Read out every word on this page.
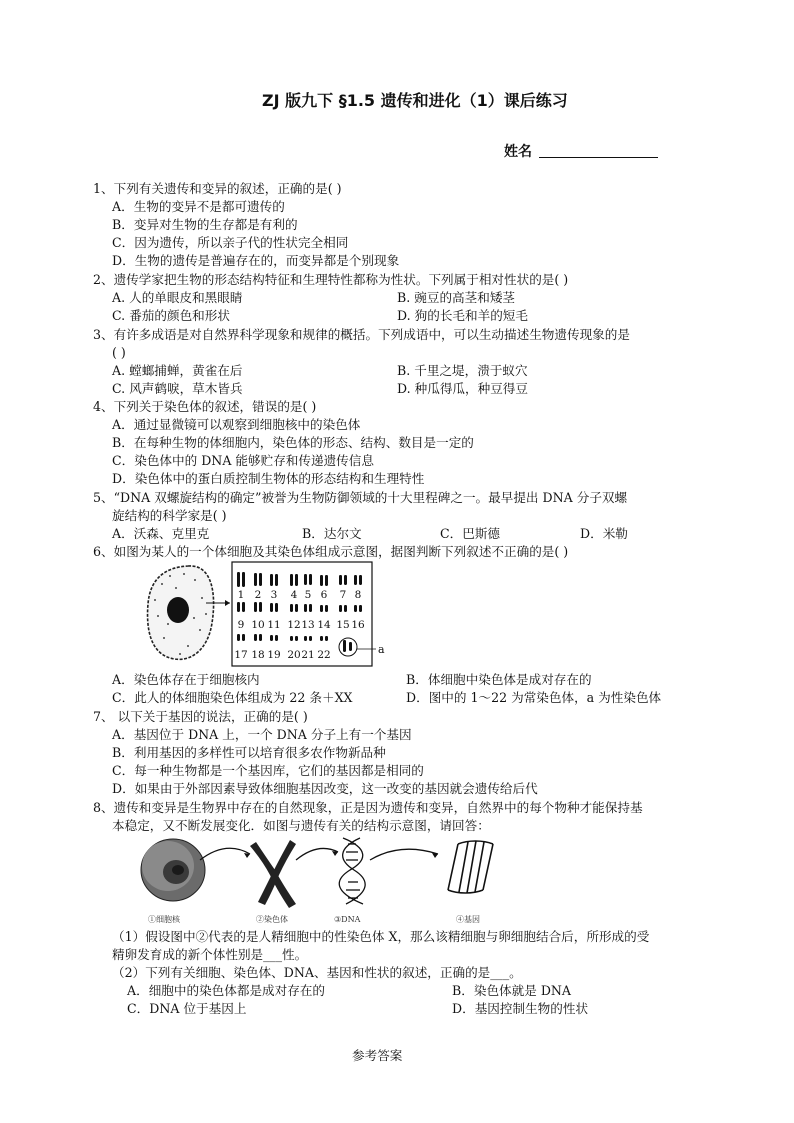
ZJ 版九下 §1.5 遗传和进化（1）课后练习
姓名
1、下列有关遗传和变异的叙述，正确的是( )
A．生物的变异不是都可遗传的
B．变异对生物的生存都是有利的
C．因为遗传，所以亲子代的性状完全相同
D．生物的遗传是普遍存在的，而变异都是个别现象
2、遗传学家把生物的形态结构特征和生理特性都称为性状。下列属于相对性状的是( )
A. 人的单眼皮和黑眼睛	B. 豌豆的高茎和矮茎
C. 番茄的颜色和形状	D. 狗的长毛和羊的短毛
3、有许多成语是对自然界科学现象和规律的概括。下列成语中，可以生动描述生物遗传现象的是
( )
A. 螳螂捕蝉，黄雀在后	B. 千里之堤，溃于蚁穴
C. 风声鹤唳，草木皆兵	D. 种瓜得瓜，种豆得豆
4、下列关于染色体的叙述，错误的是( )
A．通过显微镜可以观察到细胞核中的染色体
B．在每种生物的体细胞内，染色体的形态、结构、数目是一定的
C．染色体中的 DNA 能够贮存和传递遗传信息
D．染色体中的蛋白质控制生物体的形态结构和生理特性
5、“DNA 双螺旋结构的确定”被誉为生物防御领域的十大里程碑之一。最早提出 DNA 分子双螺
旋结构的科学家是( )
A．沃森、克里克	B．达尔文	C．巴斯德	D．米勒
6、如图为某人的一个体细胞及其染色体组成示意图，据图判断下列叙述不正确的是( )
1 2 3 4 5 6 7 8
9 10 11 12 13 14 15 16
17 18 19 20 21 22	a
A．染色体存在于细胞核内	B．体细胞中染色体是成对存在的
C．此人的体细胞染色体组成为 22 条＋XX	D．图中的 1～22 为常染色体，a 为性染色体
7、 以下关于基因的说法，正确的是( )
A．基因位于 DNA 上，一个 DNA 分子上有一个基因
B．利用基因的多样性可以培育很多农作物新品种
C．每一种生物都是一个基因库，它们的基因都是相同的
D．如果由于外部因素导致体细胞基因改变，这一改变的基因就会遗传给后代
8、遗传和变异是生物界中存在的自然现象，正是因为遗传和变异，自然界中的每个物种才能保持基
本稳定，又不断发展变化．如图与遗传有关的结构示意图，请回答：
①细胞核	②染色体	③DNA	④基因
（1）假设图中②代表的是人精细胞中的性染色体 X，那么该精细胞与卵细胞结合后，所形成的受
精卵发育成的新个体性别是___性。
（2）下列有关细胞、染色体、DNA、基因和性状的叙述，正确的是___。
A．细胞中的染色体都是成对存在的	B．染色体就是 DNA
C．DNA 位于基因上	D．基因控制生物的性状
参考答案
